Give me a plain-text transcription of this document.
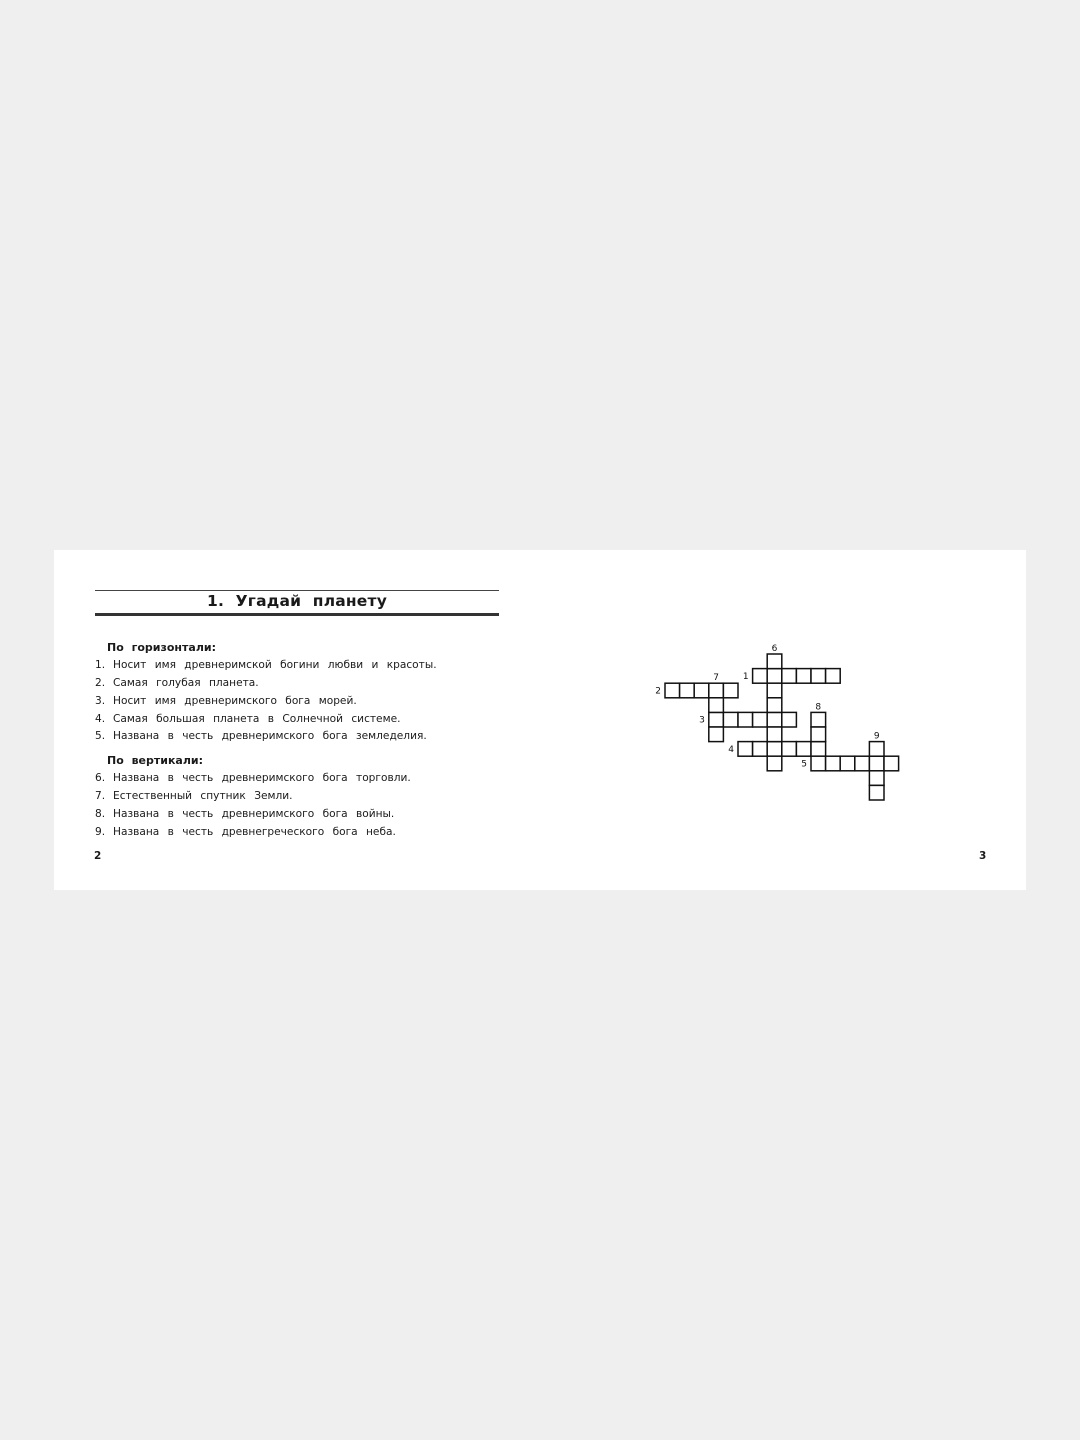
1. Угадай планету
По горизонтали:
1. Носит имя древнеримской богини любви и красоты.
2. Самая голубая планета.
3. Носит имя древнеримского бога морей.
4. Самая большая планета в Солнечной системе.
5. Названа в честь древнеримского бога земледелия.
По вертикали:
6. Названа в честь древнеримского бога торговли.
7. Естественный спутник Земли.
8. Названа в честь древнеримского бога войны.
9. Названа в честь древнегреческого бога неба.
2	3
1
2
3
4
5
6
7
8
9
